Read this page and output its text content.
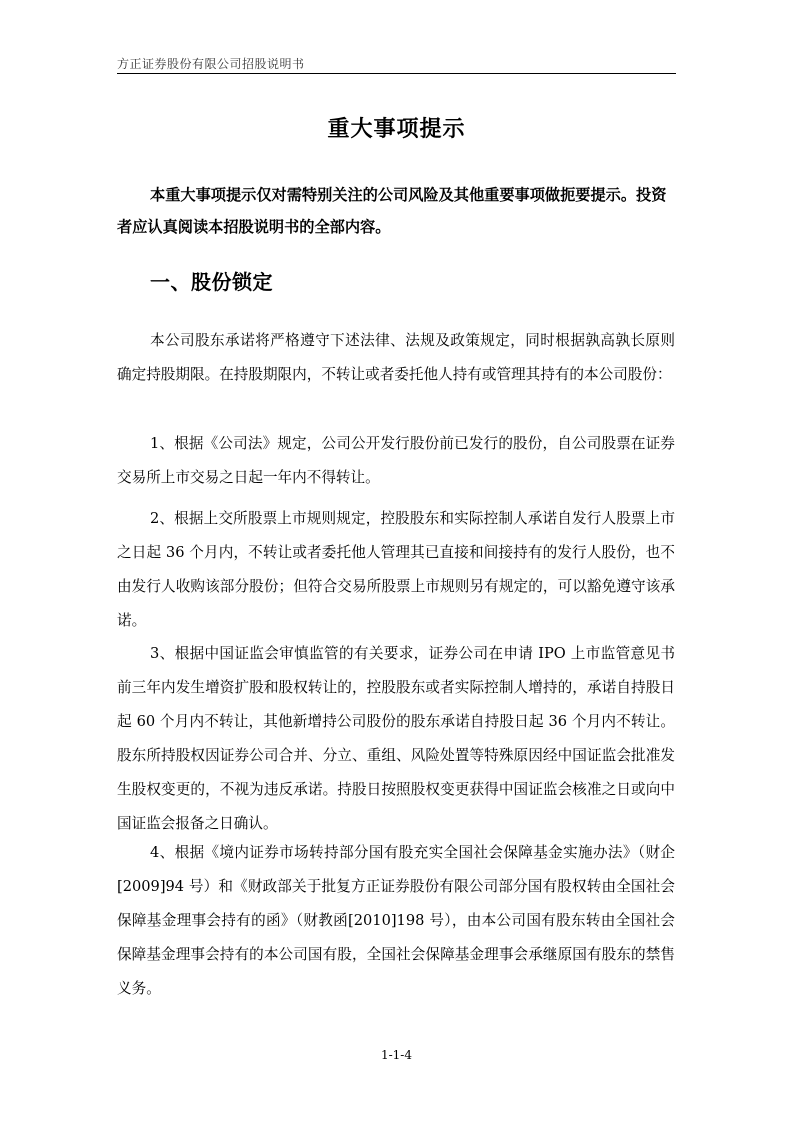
方正证券股份有限公司招股说明书
重大事项提示

本重大事项提示仅对需特别关注的公司风险及其他重要事项做扼要提示。投资者应认真阅读本招股说明书的全部内容。

一、股份锁定

本公司股东承诺将严格遵守下述法律、法规及政策规定，同时根据孰高孰长原则确定持股期限。在持股期限内，不转让或者委托他人持有或管理其持有的本公司股份：

1、根据《公司法》规定，公司公开发行股份前已发行的股份，自公司股票在证券交易所上市交易之日起一年内不得转让。

2、根据上交所股票上市规则规定，控股股东和实际控制人承诺自发行人股票上市之日起 36 个月内，不转让或者委托他人管理其已直接和间接持有的发行人股份，也不由发行人收购该部分股份；但符合交易所股票上市规则另有规定的，可以豁免遵守该承诺。

3、根据中国证监会审慎监管的有关要求，证券公司在申请 IPO 上市监管意见书前三年内发生增资扩股和股权转让的，控股股东或者实际控制人增持的，承诺自持股日起 60 个月内不转让，其他新增持公司股份的股东承诺自持股日起 36 个月内不转让。股东所持股权因证券公司合并、分立、重组、风险处置等特殊原因经中国证监会批准发生股权变更的，不视为违反承诺。持股日按照股权变更获得中国证监会核准之日或向中国证监会报备之日确认。

4、根据《境内证券市场转持部分国有股充实全国社会保障基金实施办法》（财企[2009]94 号）和《财政部关于批复方正证券股份有限公司部分国有股权转由全国社会保障基金理事会持有的函》（财教函[2010]198 号），由本公司国有股东转由全国社会保障基金理事会持有的本公司国有股，全国社会保障基金理事会承继原国有股东的禁售义务。

1-1-4
